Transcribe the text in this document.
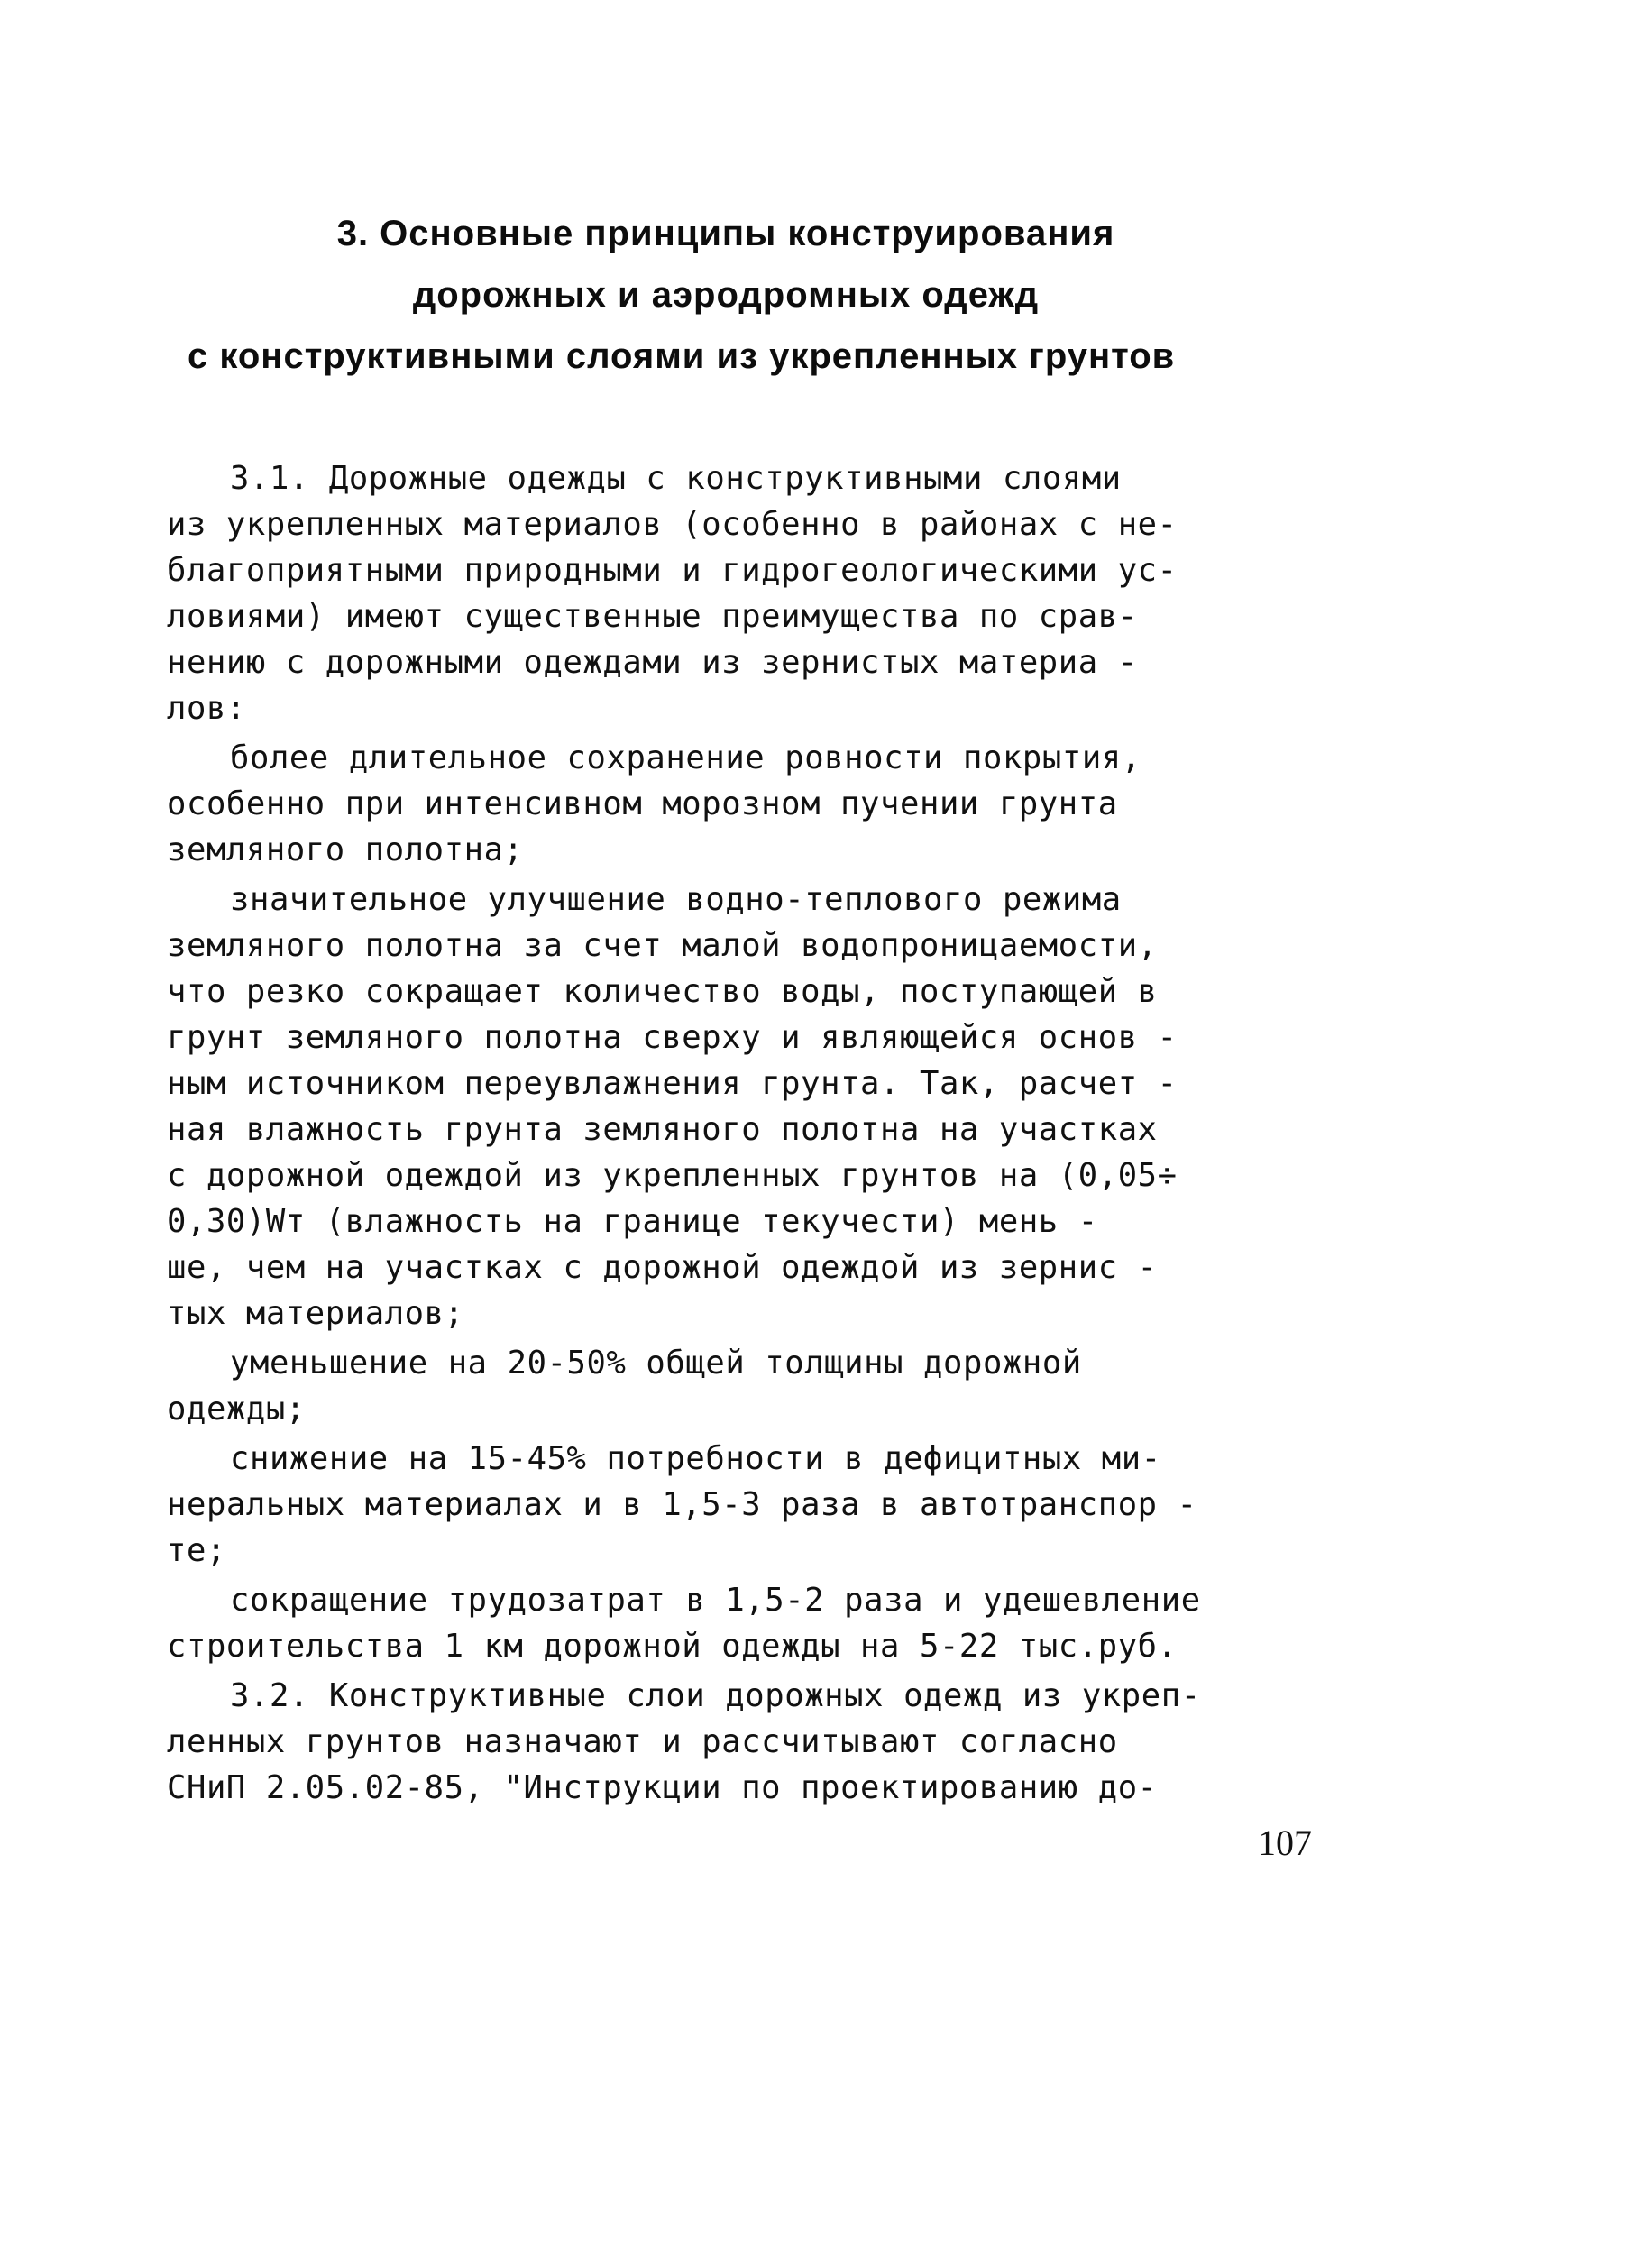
3. Основные принципы конструирования
дорожных и аэродромных одежд
с конструктивными слоями из укрепленных грунтов
3.1. Дорожные одежды с конструктивными слоями
из укрепленных материалов (особенно в районах с не-
благоприятными природными и гидрогеологическими ус-
ловиями) имеют существенные преимущества по срав-
нению с дорожными одеждами из зернистых материа -
лов:
более длительное сохранение ровности покрытия,
особенно при интенсивном морозном пучении грунта
земляного полотна;
значительное улучшение водно-теплового режима
земляного полотна за счет малой водопроницаемости,
что резко сокращает количество воды, поступающей в
грунт земляного полотна сверху и являющейся основ -
ным источником переувлажнения грунта. Так, расчет -
ная влажность грунта земляного полотна на участках
с дорожной одеждой из укрепленных грунтов на (0,05÷
0,30)Wт (влажность на границе текучести) мень -
ше, чем на участках с дорожной одеждой из зернис -
тых материалов;
уменьшение на 20-50% общей толщины дорожной
одежды;
снижение на 15-45% потребности в дефицитных ми-
неральных материалах и в 1,5-3 раза в автотранспор -
те;
сокращение трудозатрат в 1,5-2 раза и удешевление
строительства 1 км дорожной одежды на 5-22 тыс.руб.
3.2. Конструктивные слои дорожных одежд из укреп-
ленных грунтов назначают и рассчитывают согласно
СНиП 2.05.02-85, "Инструкции по проектированию до-
107
